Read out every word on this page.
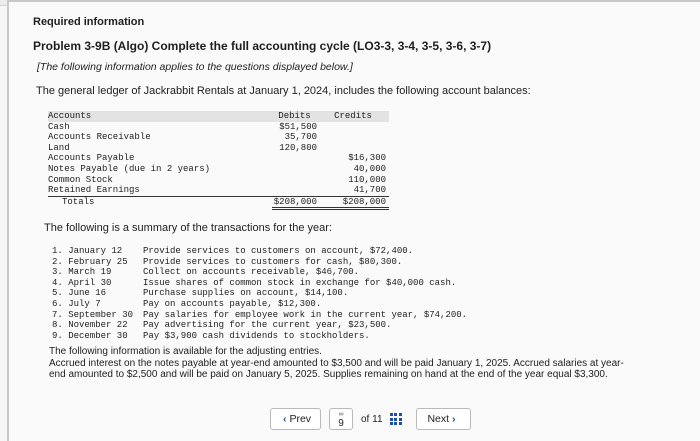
Required information
Problem 3-9B (Algo) Complete the full accounting cycle (LO3-3, 3-4, 3-5, 3-6, 3-7)
[The following information applies to the questions displayed below.]
The general ledger of Jackrabbit Rentals at January 1, 2024, includes the following account balances:
Accounts	Debits	Credits
Cash	$51,500	
Accounts Receivable	35,700	
Land	120,800	
Accounts Payable		$16,300
Notes Payable (due in 2 years)		40,000
Common Stock		110,000
Retained Earnings		41,700
Totals	$208,000	$208,000
The following is a summary of the transactions for the year:
1. January 12	Provide services to customers on account, $72,400.
2. February 25	Provide services to customers for cash, $80,300.
3. March 19	Collect on accounts receivable, $46,700.
4. April 30	Issue shares of common stock in exchange for $40,000 cash.
5. June 16	Purchase supplies on account, $14,100.
6. July 7	Pay on accounts payable, $12,300.
7. September 30	Pay salaries for employee work in the current year, $74,200.
8. November 22	Pay advertising for the current year, $23,500.
9. December 30	Pay $3,900 cash dividends to stockholders.
The following information is available for the adjusting entries.
Accrued interest on the notes payable at year-end amounted to $3,500 and will be paid January 1, 2025. Accrued salaries at year-end amounted to $2,500 and will be paid on January 5, 2025. Supplies remaining on hand at the end of the year equal $3,300.
‹ Prev	∞
9 of 11	Next ›
